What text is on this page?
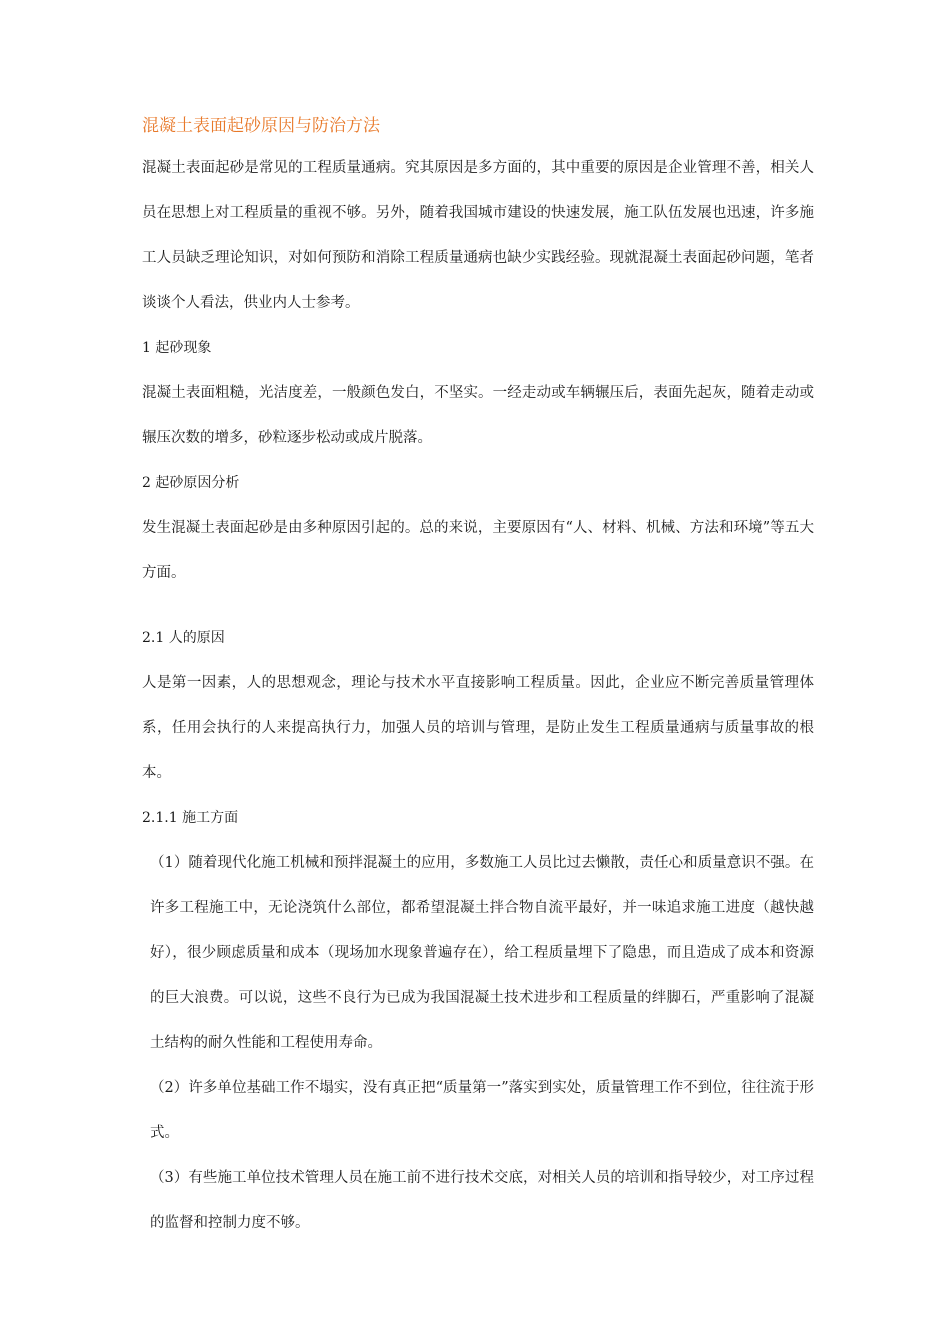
混凝土表面起砂原因与防治方法

混凝土表面起砂是常见的工程质量通病。究其原因是多方面的，其中重要的原因是企业管理不善，相关人员在思想上对工程质量的重视不够。另外，随着我国城市建设的快速发展，施工队伍发展也迅速，许多施工人员缺乏理论知识，对如何预防和消除工程质量通病也缺少实践经验。现就混凝土表面起砂问题，笔者谈谈个人看法，供业内人士参考。

1 起砂现象

混凝土表面粗糙，光洁度差，一般颜色发白，不坚实。一经走动或车辆辗压后，表面先起灰，随着走动或辗压次数的增多，砂粒逐步松动或成片脱落。

2 起砂原因分析

发生混凝土表面起砂是由多种原因引起的。总的来说，主要原因有“人、材料、机械、方法和环境”等五大方面。

2.1 人的原因

人是第一因素，人的思想观念，理论与技术水平直接影响工程质量。因此，企业应不断完善质量管理体系，任用会执行的人来提高执行力，加强人员的培训与管理，是防止发生工程质量通病与质量事故的根本。

2.1.1 施工方面

（1）随着现代化施工机械和预拌混凝土的应用，多数施工人员比过去懒散，责任心和质量意识不强。在许多工程施工中，无论浇筑什么部位，都希望混凝土拌合物自流平最好，并一味追求施工进度（越快越好），很少顾虑质量和成本（现场加水现象普遍存在），给工程质量埋下了隐患，而且造成了成本和资源的巨大浪费。可以说，这些不良行为已成为我国混凝土技术进步和工程质量的绊脚石，严重影响了混凝土结构的耐久性能和工程使用寿命。

（2）许多单位基础工作不塌实，没有真正把“质量第一”落实到实处，质量管理工作不到位，往往流于形式。

（3）有些施工单位技术管理人员在施工前不进行技术交底，对相关人员的培训和指导较少，对工序过程的监督和控制力度不够。
